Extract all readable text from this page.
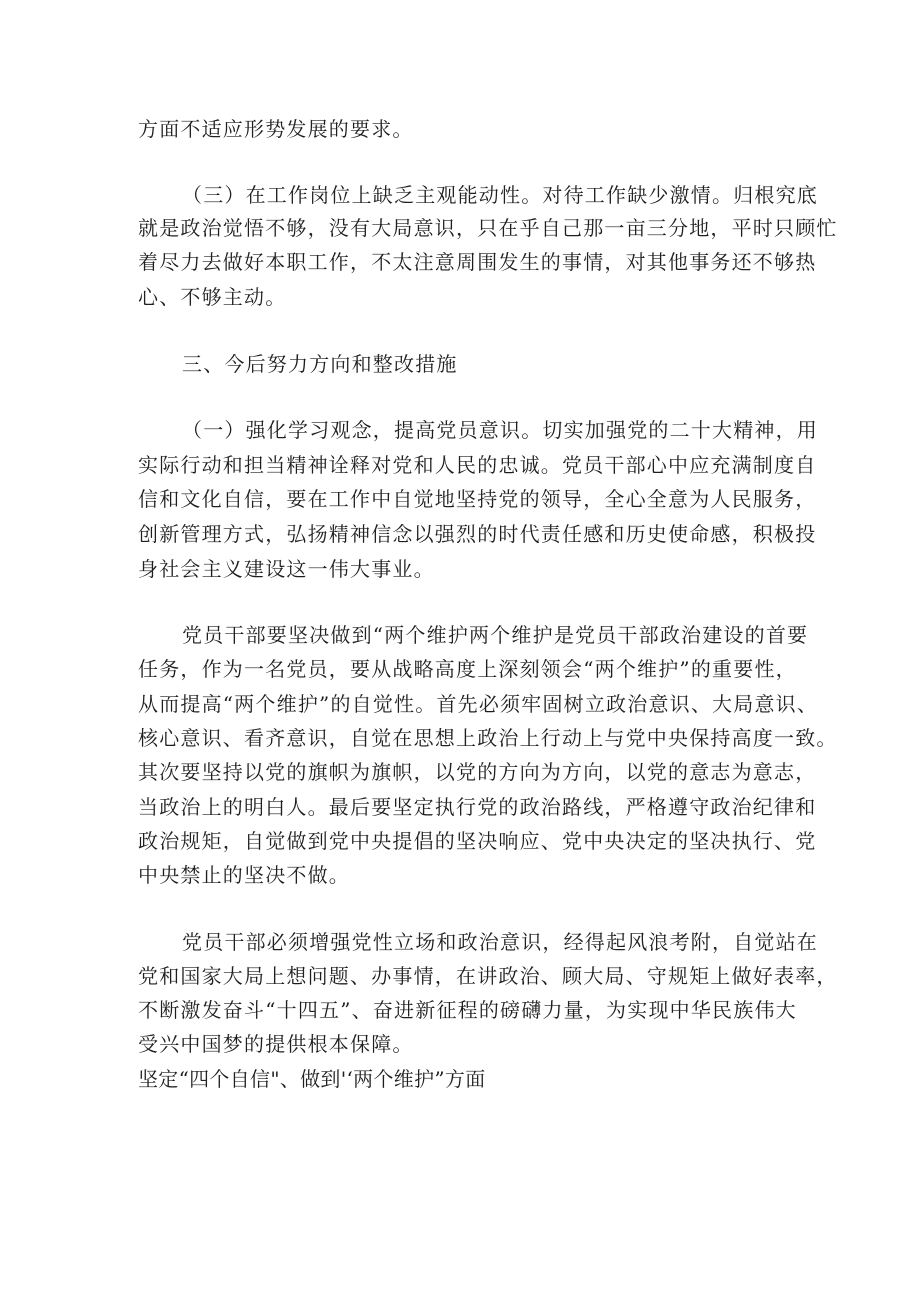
方面不适应形势发展的要求。
（三）在工作岗位上缺乏主观能动性。对待工作缺少激情。归根究底
就是政治觉悟不够，没有大局意识，只在乎自己那一亩三分地，平时只顾忙
着尽力去做好本职工作，不太注意周围发生的事情，对其他事务还不够热
心、不够主动。
三、今后努力方向和整改措施
（一）强化学习观念，提高党员意识。切实加强党的二十大精神，用
实际行动和担当精神诠释对党和人民的忠诚。党员干部心中应充满制度自
信和文化自信，要在工作中自觉地坚持党的领导，全心全意为人民服务，
创新管理方式，弘扬精神信念以强烈的时代责任感和历史使命感，积极投
身社会主义建设这一伟大事业。
党员干部要坚决做到“两个维护两个维护是党员干部政治建设的首要
任务，作为一名党员，要从战略高度上深刻领会“两个维护”的重要性，
从而提高“两个维护”的自觉性。首先必须牢固树立政治意识、大局意识、
核心意识、看齐意识，自觉在思想上政治上行动上与党中央保持高度一致。
其次要坚持以党的旗帜为旗帜，以党的方向为方向，以党的意志为意志，
当政治上的明白人。最后要坚定执行党的政治路线，严格遵守政治纪律和
政治规矩，自觉做到党中央提倡的坚决响应、党中央决定的坚决执行、党
中央禁止的坚决不做。
党员干部必须增强党性立场和政治意识，经得起风浪考附，自觉站在
党和国家大局上想问题、办事情，在讲政治、顾大局、守规矩上做好表率，
不断激发奋斗“十四五”、奋进新征程的磅礴力量，为实现中华民族伟大
受兴中国梦的提供根本保障。
坚定“四个自信"、做到'‘两个维护”方面
